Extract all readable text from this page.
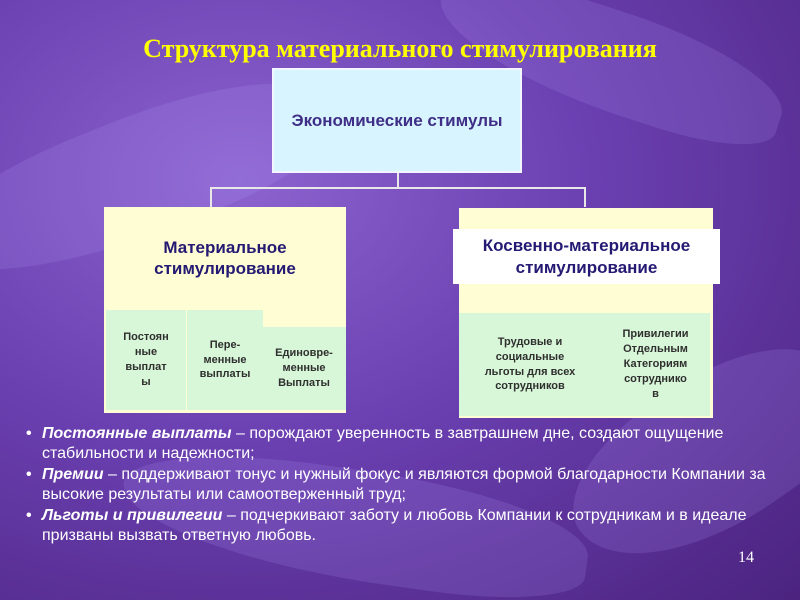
Структура материального стимулирования
Экономические стимулы
Материальное
стимулирование
Косвенно-материальное
стимулирование
Постоян
ные
выплат
ы
Пере-
менные
выплаты
Единовре-
менные
Выплаты
Трудовые и
социальные
льготы для всех
сотрудников
Привилегии
Отдельным
Категориям
сотруднико
в
• Постоянные выплаты – порождают уверенность в завтрашнем дне, создают ощущение стабильности и надежности;
• Премии – поддерживают тонус и нужный фокус и являются формой благодарности Компании за высокие результаты или самоотверженный труд;
• Льготы и привилегии – подчеркивают заботу и любовь Компании к сотрудникам и в идеале призваны вызвать ответную любовь.
14
